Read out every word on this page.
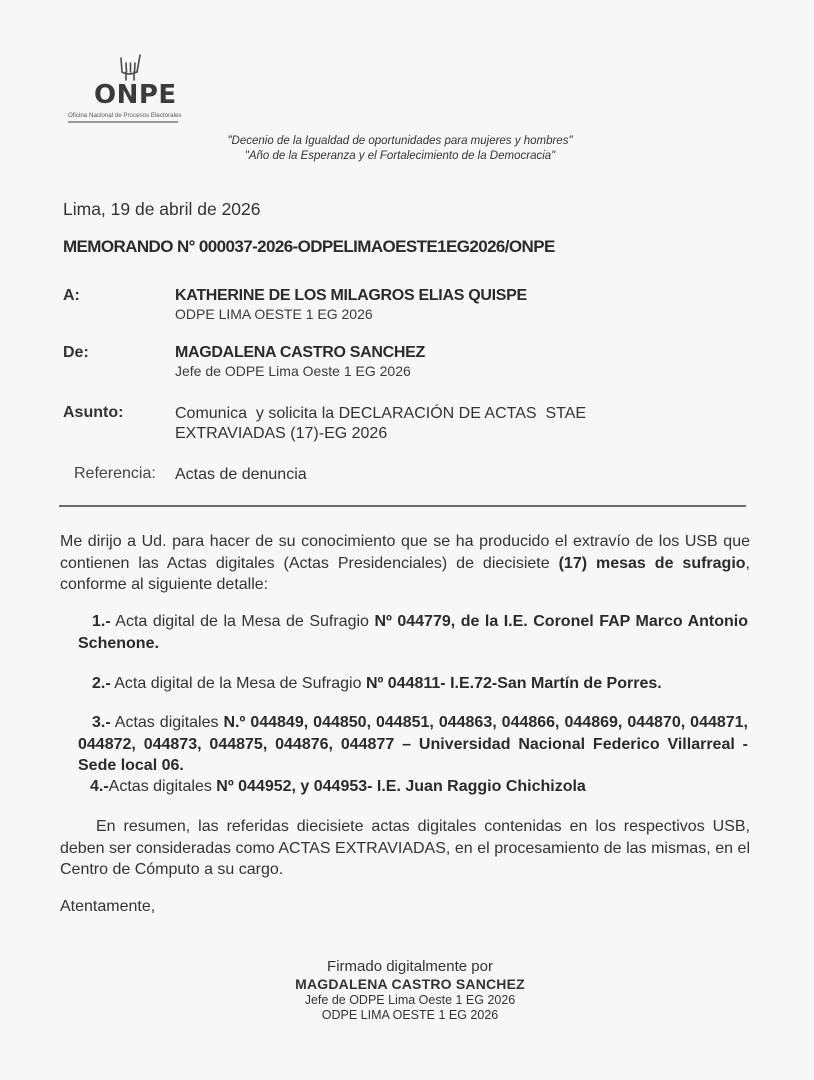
ONPE
Oficina Nacional de Procesos Electorales
"Decenio de la Igualdad de oportunidades para mujeres y hombres"
"Año de la Esperanza y el Fortalecimiento de la Democracia"
Lima, 19 de abril de 2026
MEMORANDO N° 000037-2026-ODPELIMAOESTE1EG2026/ONPE
A:	KATHERINE DE LOS MILAGROS ELIAS QUISPE
ODPE LIMA OESTE 1 EG 2026
De:	MAGDALENA CASTRO SANCHEZ
Jefe de ODPE Lima Oeste 1 EG 2026
Asunto:	Comunica  y solicita la DECLARACIÓN DE ACTAS  STAE
EXTRAVIADAS (17)-EG 2026
Referencia: Actas de denuncia
Me dirijo a Ud. para hacer de su conocimiento que se ha producido el extravío de los USB que contienen las Actas digitales (Actas Presidenciales) de diecisiete (17) mesas de sufragio, conforme al siguiente detalle:
1.- Acta digital de la Mesa de Sufragio Nº 044779, de la I.E. Coronel FAP Marco Antonio Schenone.
2.- Acta digital de la Mesa de Sufragio Nº 044811- I.E.72-San Martín de Porres.
3.- Actas digitales N.º 044849, 044850, 044851, 044863, 044866, 044869, 044870, 044871, 044872, 044873, 044875, 044876, 044877 – Universidad Nacional Federico Villarreal - Sede local 06.
4.-Actas digitales Nº 044952, y 044953- I.E. Juan Raggio Chichizola
En resumen, las referidas diecisiete actas digitales contenidas en los respectivos USB, deben ser consideradas como ACTAS EXTRAVIADAS, en el procesamiento de las mismas, en el Centro de Cómputo a su cargo.
Atentamente,
Firmado digitalmente por
MAGDALENA CASTRO SANCHEZ
Jefe de ODPE Lima Oeste 1 EG 2026
ODPE LIMA OESTE 1 EG 2026
